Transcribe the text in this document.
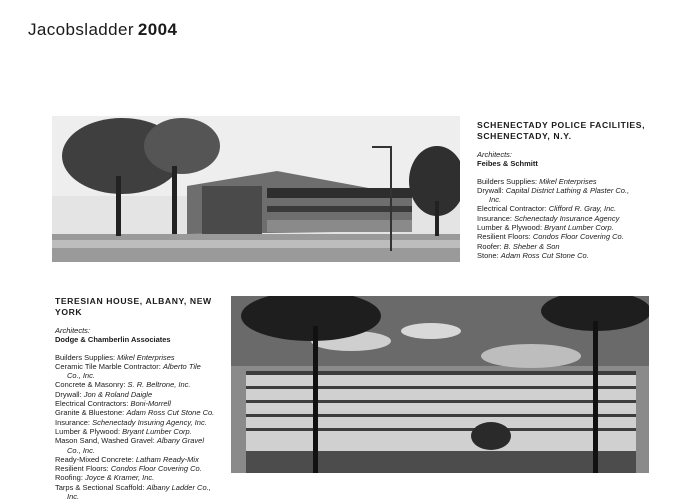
Jacobsladder 2004
SCHENECTADY POLICE FACILITIES,
SCHENECTADY, N.Y.
Architects:
Feibes & Schmitt
Builders Supplies: Mikel Enterprises
Drywall: Capital District Lathing & Plaster Co.,
Inc.
Electrical Contractor: Clifford R. Gray, Inc.
Insurance: Schenectady Insurance Agency
Lumber & Plywood: Bryant Lumber Corp.
Resilient Floors: Condos Floor Covering Co.
Roofer: B. Sheber & Son
Stone: Adam Ross Cut Stone Co.
TERESIAN HOUSE, ALBANY, NEW
YORK
Architects:
Dodge & Chamberlin Associates
Builders Supplies: Mikel Enterprises
Ceramic Tile Marble Contractor: Alberto Tile
Co., Inc.
Concrete & Masonry: S. R. Beltrone, Inc.
Drywall: Jon & Roland Daigle
Electrical Contractors: Boni-Morrell
Granite & Bluestone: Adam Ross Cut Stone Co.
Insurance: Schenectady Insuring Agency, Inc.
Lumber & Plywood: Bryant Lumber Corp.
Mason Sand, Washed Gravel: Albany Gravel
Co., Inc.
Ready-Mixed Concrete: Latham Ready-Mix
Resilient Floors: Condos Floor Covering Co.
Roofing: Joyce & Kramer, Inc.
Tarps & Sectional Scaffold: Albany Ladder Co.,
Inc.
